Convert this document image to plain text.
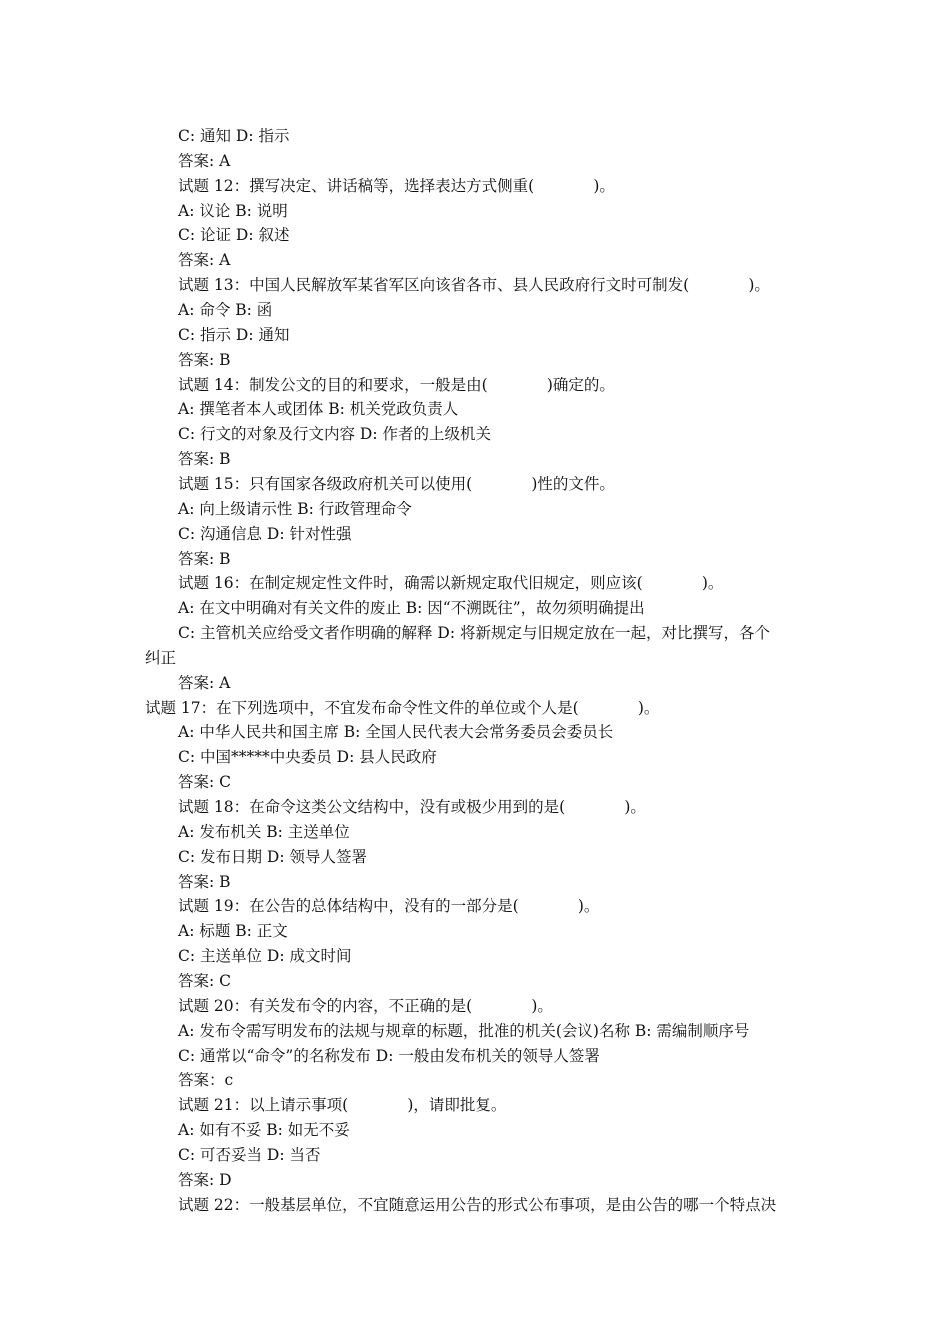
C: 通知 D: 指示
答案: A
试题 12：撰写决定、讲话稿等，选择表达方式侧重(            )。
A: 议论 B: 说明
C: 论证 D: 叙述
答案: A
试题 13：中国人民解放军某省军区向该省各市、县人民政府行文时可制发(            )。
A: 命令 B: 函
C: 指示 D: 通知
答案: B
试题 14：制发公文的目的和要求，一般是由(            )确定的。
A: 撰笔者本人或团体 B: 机关党政负责人
C: 行文的对象及行文内容 D: 作者的上级机关
答案: B
试题 15：只有国家各级政府机关可以使用(            )性的文件。
A: 向上级请示性 B: 行政管理命令
C: 沟通信息 D: 针对性强
答案: B
试题 16：在制定规定性文件时，确需以新规定取代旧规定，则应该(            )。
A: 在文中明确对有关文件的废止 B: 因“不溯既往”，故勿须明确提出
C: 主管机关应给受文者作明确的解释 D: 将新规定与旧规定放在一起，对比撰写，各个
纠正
答案: A
试题 17：在下列选项中，不宜发布命令性文件的单位或个人是(            )。
A: 中华人民共和国主席 B: 全国人民代表大会常务委员会委员长
C: 中国*****中央委员 D: 县人民政府
答案: C
试题 18：在命令这类公文结构中，没有或极少用到的是(            )。
A: 发布机关 B: 主送单位
C: 发布日期 D: 领导人签署
答案: B
试题 19：在公告的总体结构中，没有的一部分是(            )。
A: 标题 B: 正文
C: 主送单位 D: 成文时间
答案: C
试题 20：有关发布令的内容，不正确的是(            )。
A: 发布令需写明发布的法规与规章的标题，批准的机关(会议)名称 B: 需编制顺序号
C: 通常以“命令”的名称发布 D: 一般由发布机关的领导人签署
答案：c
试题 21：以上请示事项(            )，请即批复。
A: 如有不妥 B: 如无不妥
C: 可否妥当 D: 当否
答案: D
试题 22：一般基层单位，不宜随意运用公告的形式公布事项，是由公告的哪一个特点决
